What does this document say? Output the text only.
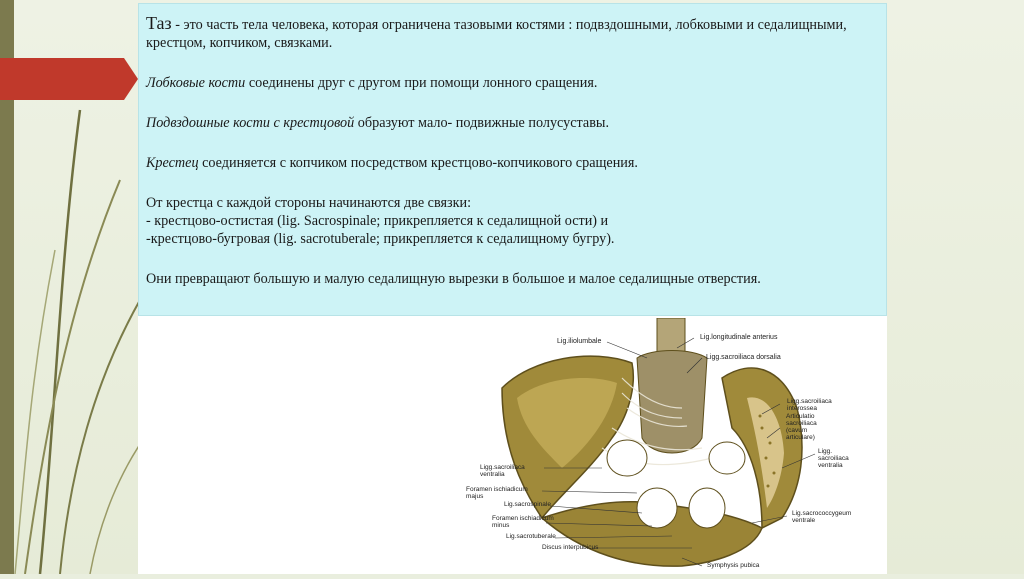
Таз - это часть тела человека, которая ограничена тазовыми костями : подвздошными, лобковыми и седалищными, крестцом, копчиком, связками.

Лобковые кости соединены друг с другом при помощи лонного сращения.

Подвздошные кости с крестцовой образуют мало- подвижные полусуставы.

Крестец соединяется с копчиком посредством крестцово-копчикового сращения.

От крестца с каждой стороны начинаются две связки:
- крестцово-остистая (lig. Sacrospinale; прикрепляется к седалищной ости) и
-крестцово-бугровая (lig. sacrotuberale; прикрепляется к седалищному бугру).

Они превращают большую и малую седалищную вырезки в большое и малое седалищные отверстия.

Lig.iliolumbale
Lig.longitudinale anterius
Ligg.sacroiliaca dorsalia
Ligg.sacroiliaca
interossea
Articulatio
sacroiliaca
(cavum
articulare)
Ligg.
sacroiliaca
ventralia
Ligg.sacroiliaca
ventralia
Foramen ischiadicum
majus
Lig.sacrospinale
Foramen ischiadicum
minus
Lig.sacrotuberale
Discus interpubicus
Lig.sacrococcygeum
ventrale
Symphysis pubica
